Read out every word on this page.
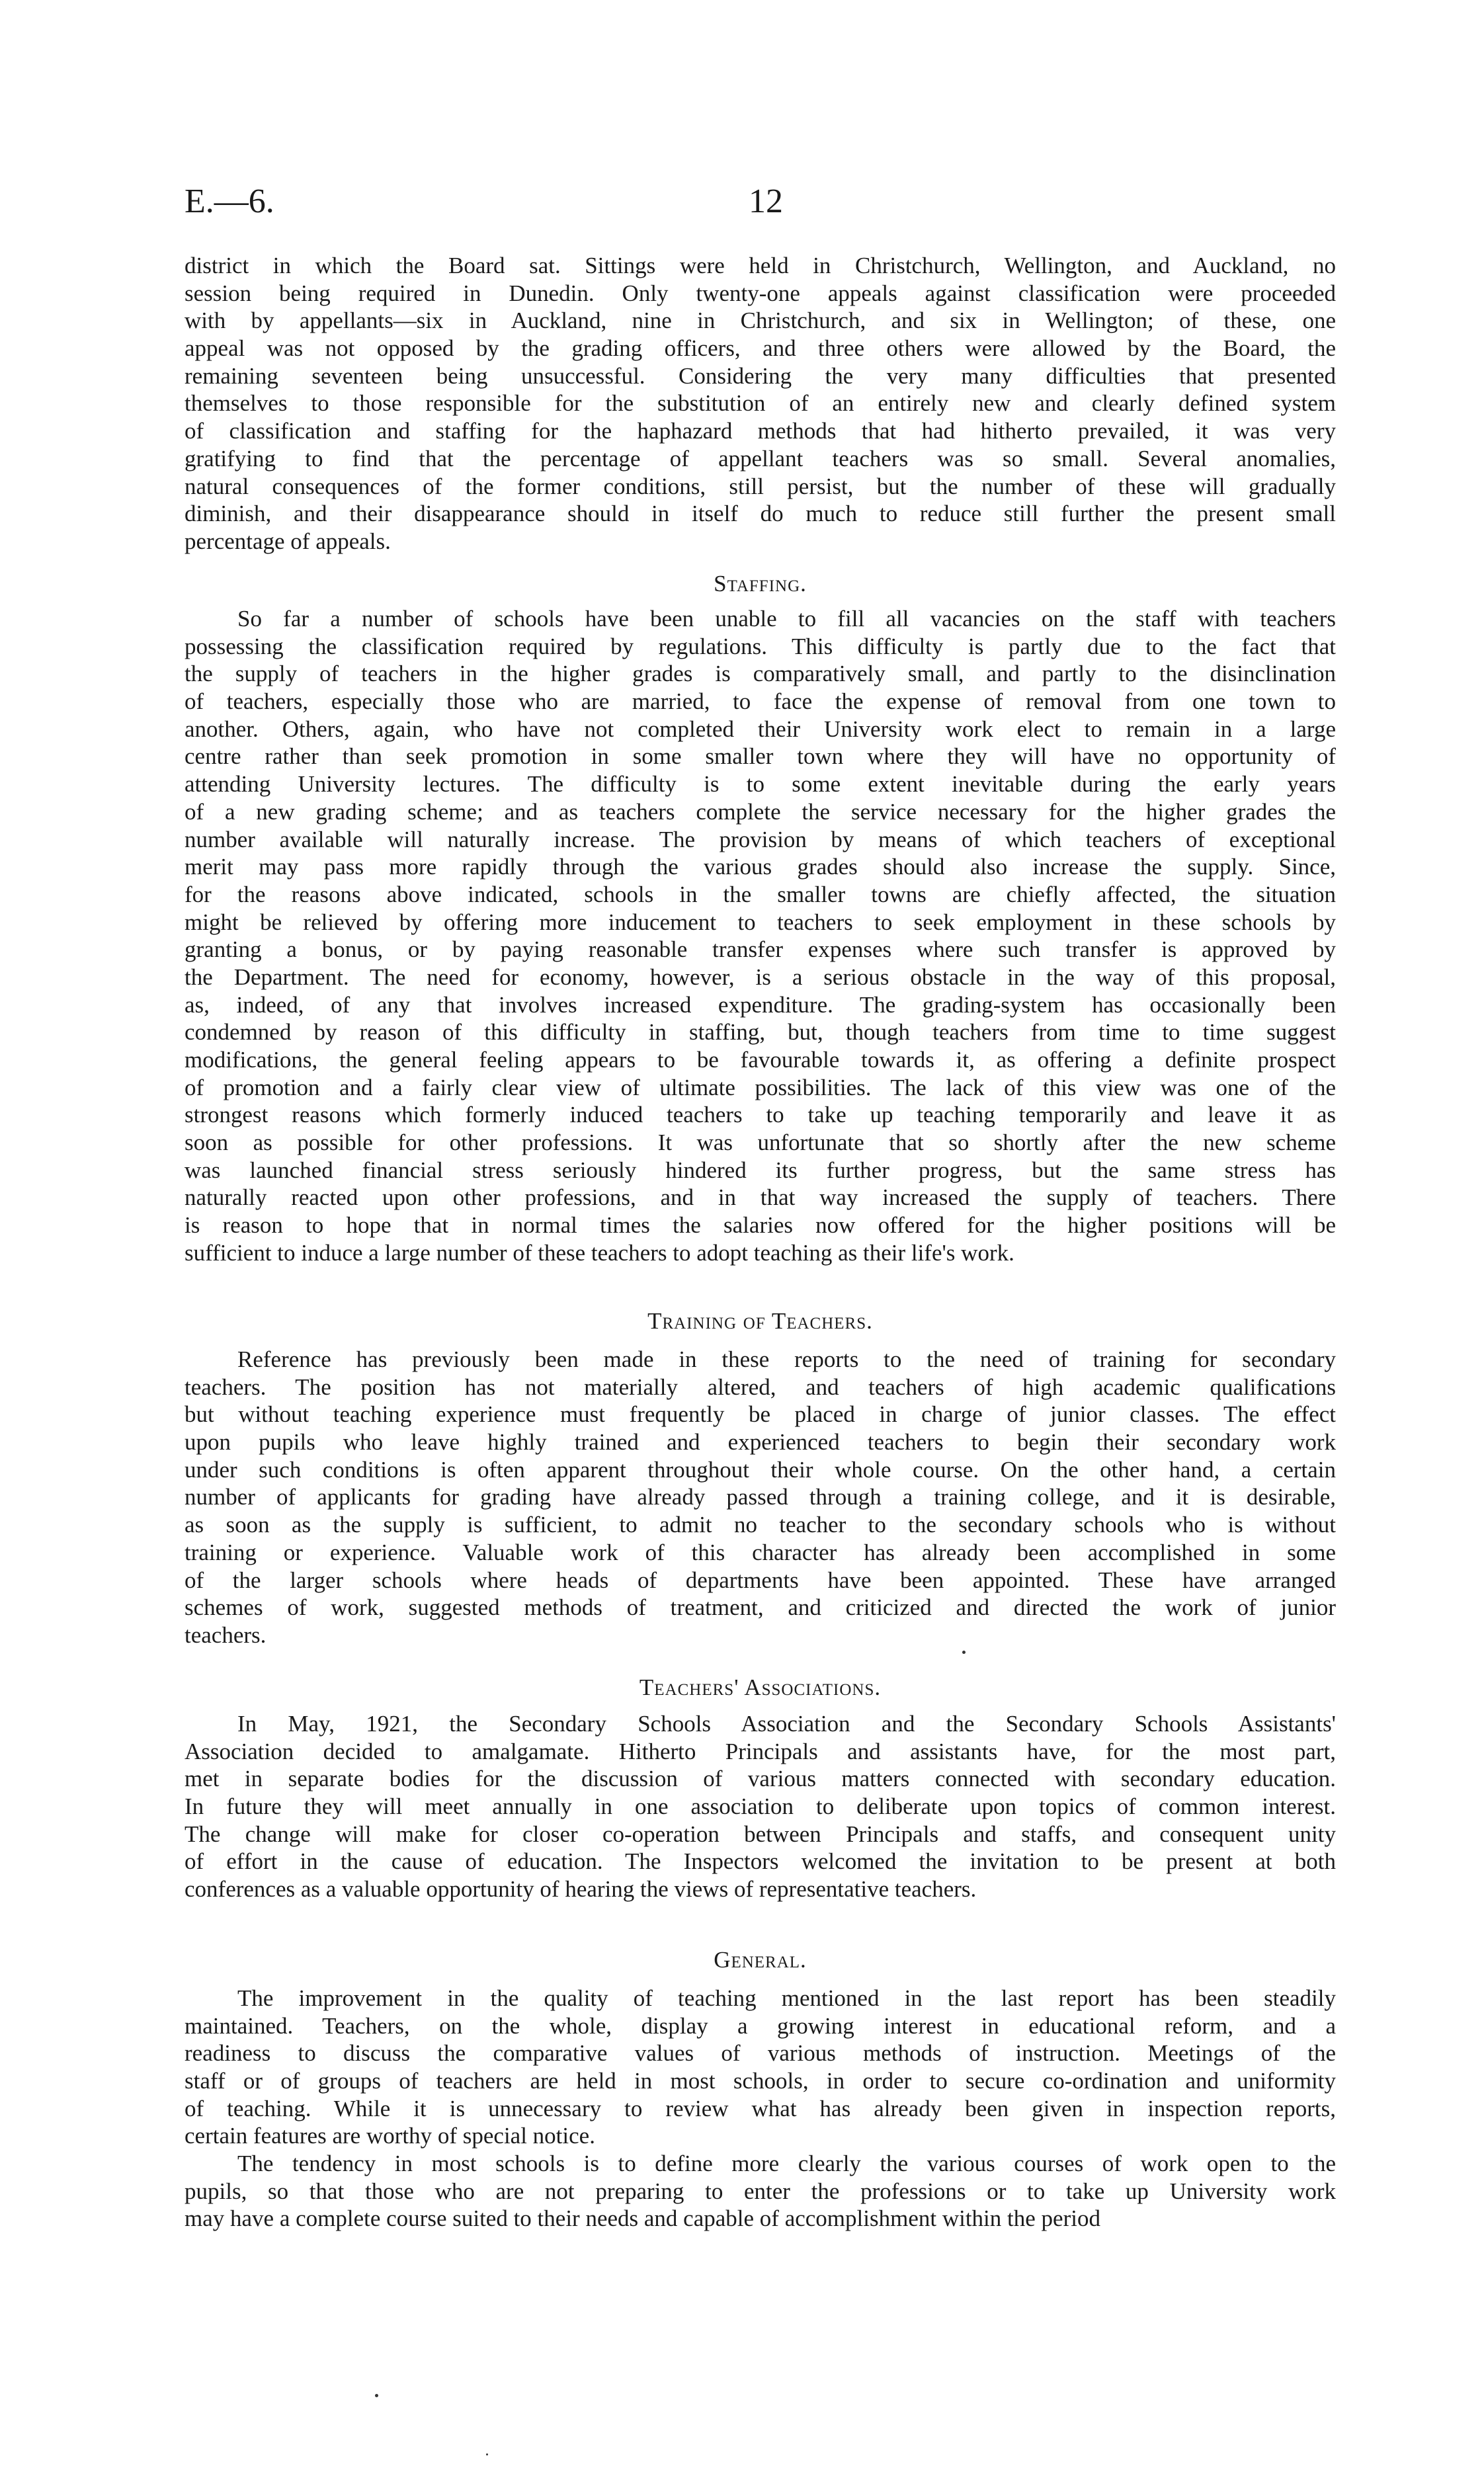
E.—6.	12
Staffing.
Training of Teachers.
Teachers' Associations.
General.
district in which the Board sat. Sittings were held in Christchurch, Wellington, and Auckland, no
session being required in Dunedin. Only twenty-one appeals against classification were proceeded
with by appellants—six in Auckland, nine in Christchurch, and six in Wellington; of these, one
appeal was not opposed by the grading officers, and three others were allowed by the Board, the
remaining seventeen being unsuccessful. Considering the very many difficulties that presented
themselves to those responsible for the substitution of an entirely new and clearly defined system
of classification and staffing for the haphazard methods that had hitherto prevailed, it was very
gratifying to find that the percentage of appellant teachers was so small. Several anomalies,
natural consequences of the former conditions, still persist, but the number of these will gradually
diminish, and their disappearance should in itself do much to reduce still further the present small
percentage of appeals.
So far a number of schools have been unable to fill all vacancies on the staff with teachers
possessing the classification required by regulations. This difficulty is partly due to the fact that
the supply of teachers in the higher grades is comparatively small, and partly to the disinclination
of teachers, especially those who are married, to face the expense of removal from one town to
another. Others, again, who have not completed their University work elect to remain in a large
centre rather than seek promotion in some smaller town where they will have no opportunity of
attending University lectures. The difficulty is to some extent inevitable during the early years
of a new grading scheme; and as teachers complete the service necessary for the higher grades the
number available will naturally increase. The provision by means of which teachers of exceptional
merit may pass more rapidly through the various grades should also increase the supply. Since,
for the reasons above indicated, schools in the smaller towns are chiefly affected, the situation
might be relieved by offering more inducement to teachers to seek employment in these schools by
granting a bonus, or by paying reasonable transfer expenses where such transfer is approved by
the Department. The need for economy, however, is a serious obstacle in the way of this proposal,
as, indeed, of any that involves increased expenditure. The grading-system has occasionally been
condemned by reason of this difficulty in staffing, but, though teachers from time to time suggest
modifications, the general feeling appears to be favourable towards it, as offering a definite prospect
of promotion and a fairly clear view of ultimate possibilities. The lack of this view was one of the
strongest reasons which formerly induced teachers to take up teaching temporarily and leave it as
soon as possible for other professions. It was unfortunate that so shortly after the new scheme
was launched financial stress seriously hindered its further progress, but the same stress has
naturally reacted upon other professions, and in that way increased the supply of teachers. There
is reason to hope that in normal times the salaries now offered for the higher positions will be
sufficient to induce a large number of these teachers to adopt teaching as their life's work.
Reference has previously been made in these reports to the need of training for secondary
teachers. The position has not materially altered, and teachers of high academic qualifications
but without teaching experience must frequently be placed in charge of junior classes. The effect
upon pupils who leave highly trained and experienced teachers to begin their secondary work
under such conditions is often apparent throughout their whole course. On the other hand, a certain
number of applicants for grading have already passed through a training college, and it is desirable,
as soon as the supply is sufficient, to admit no teacher to the secondary schools who is without
training or experience. Valuable work of this character has already been accomplished in some
of the larger schools where heads of departments have been appointed. These have arranged
schemes of work, suggested methods of treatment, and criticized and directed the work of junior
teachers.
In May, 1921, the Secondary Schools Association and the Secondary Schools Assistants'
Association decided to amalgamate. Hitherto Principals and assistants have, for the most part,
met in separate bodies for the discussion of various matters connected with secondary education.
In future they will meet annually in one association to deliberate upon topics of common interest.
The change will make for closer co-operation between Principals and staffs, and consequent unity
of effort in the cause of education. The Inspectors welcomed the invitation to be present at both
conferences as a valuable opportunity of hearing the views of representative teachers.
The improvement in the quality of teaching mentioned in the last report has been steadily
maintained. Teachers, on the whole, display a growing interest in educational reform, and a
readiness to discuss the comparative values of various methods of instruction. Meetings of the
staff or of groups of teachers are held in most schools, in order to secure co-ordination and uniformity
of teaching. While it is unnecessary to review what has already been given in inspection reports,
certain features are worthy of special notice.
The tendency in most schools is to define more clearly the various courses of work open to the
pupils, so that those who are not preparing to enter the professions or to take up University work
may have a complete course suited to their needs and capable of accomplishment within the period
